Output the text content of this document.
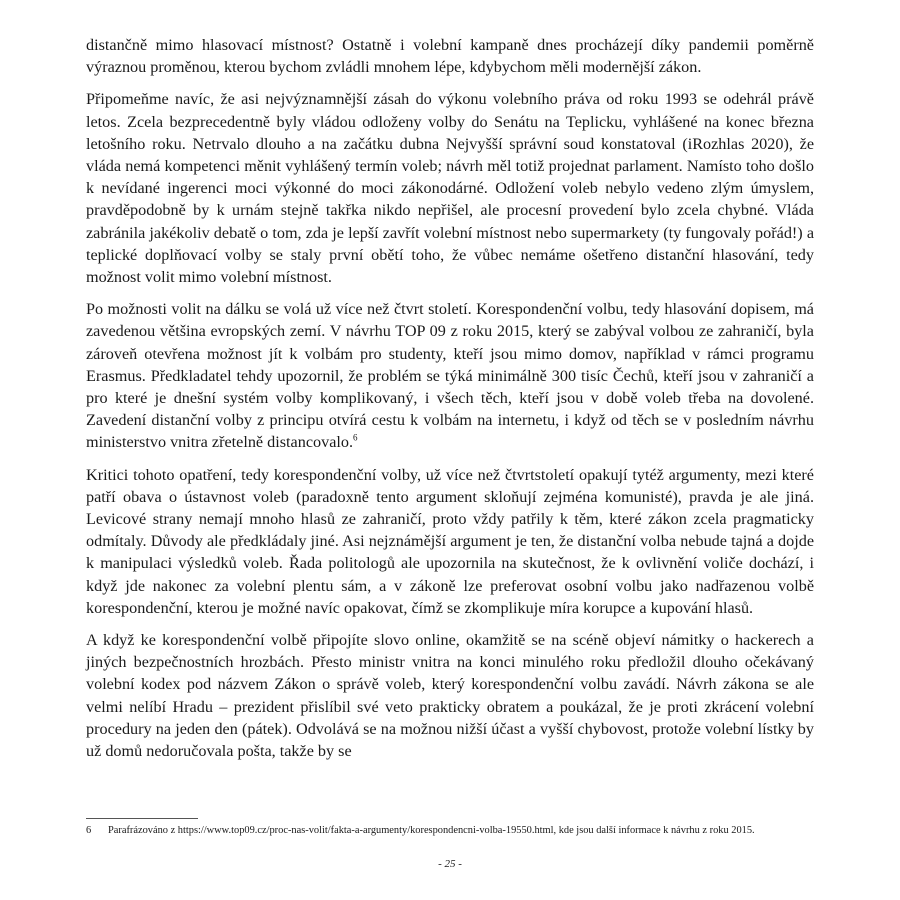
distančně mimo hlasovací místnost? Ostatně i volební kampaně dnes procházejí díky pandemii poměrně výraznou proměnou, kterou bychom zvládli mnohem lépe, kdybychom měli modernější zákon.

Připomeňme navíc, že asi nejvýznamnější zásah do výkonu volebního práva od roku 1993 se odehrál právě letos. Zcela bezprecedentně byly vládou odloženy volby do Senátu na Teplicku, vyhlášené na konec března letošního roku. Netrvalo dlouho a na začátku dubna Nejvyšší správní soud konstatoval (iRozhlas 2020), že vláda nemá kompetenci měnit vyhlášený termín voleb; návrh měl totiž projednat parlament. Namísto toho došlo k nevídané ingerenci moci výkonné do moci zákonodárné. Odložení voleb nebylo vedeno zlým úmyslem, pravděpodobně by k urnám stejně takřka nikdo nepřišel, ale procesní provedení bylo zcela chybné. Vláda zabránila jakékoliv debatě o tom, zda je lepší zavřít volební místnost nebo supermarkety (ty fungovaly pořád!) a teplické doplňovací volby se staly první obětí toho, že vůbec nemáme ošetřeno distanční hlasování, tedy možnost volit mimo volební místnost.

Po možnosti volit na dálku se volá už více než čtvrt století. Korespondenční volbu, tedy hlasování dopisem, má zavedenou většina evropských zemí. V návrhu TOP 09 z roku 2015, který se zabýval volbou ze zahraničí, byla zároveň otevřena možnost jít k volbám pro studenty, kteří jsou mimo domov, například v rámci programu Erasmus. Předkladatel tehdy upozornil, že problém se týká minimálně 300 tisíc Čechů, kteří jsou v zahraničí a pro které je dnešní systém volby komplikovaný, i všech těch, kteří jsou v době voleb třeba na dovolené. Zavedení distanční volby z principu otvírá cestu k volbám na internetu, i když od těch se v posledním návrhu ministerstvo vnitra zřetelně distancovalo.$^6$

Kritici tohoto opatření, tedy korespondenční volby, už více než čtvrtstoletí opakují tytéž argumenty, mezi které patří obava o ústavnost voleb (paradoxně tento argument skloňují zejména komunisté), pravda je ale jiná. Levicové strany nemají mnoho hlasů ze zahraničí, proto vždy patřily k těm, které zákon zcela pragmaticky odmítaly. Důvody ale předkládaly jiné. Asi nejznámější argument je ten, že distanční volba nebude tajná a dojde k manipulaci výsledků voleb. Řada politologů ale upozornila na skutečnost, že k ovlivnění voliče dochází, i když jde nakonec za volební plentu sám, a v zákoně lze preferovat osobní volbu jako nadřazenou volbě korespondenční, kterou je možné navíc opakovat, čímž se zkomplikuje míra korupce a kupování hlasů.

A když ke korespondenční volbě připojíte slovo online, okamžitě se na scéně objeví námitky o hackerech a jiných bezpečnostních hrozbách. Přesto ministr vnitra na konci minulého roku předložil dlouho očekávaný volební kodex pod názvem Zákon o správě voleb, který korespondenční volbu zavádí. Návrh zákona se ale velmi nelíbí Hradu – prezident přislíbil své veto prakticky obratem a poukázal, že je proti zkrácení volební procedury na jeden den (pátek). Odvolává se na možnou nižší účast a vyšší chybovost, protože volební lístky by už domů nedoručovala pošta, takže by se

6 Parafrázováno z https://www.top09.cz/proc-nas-volit/fakta-a-argumenty/korespondencni-volba-19550.html, kde jsou další informace k návrhu z roku 2015.
- 25 -
